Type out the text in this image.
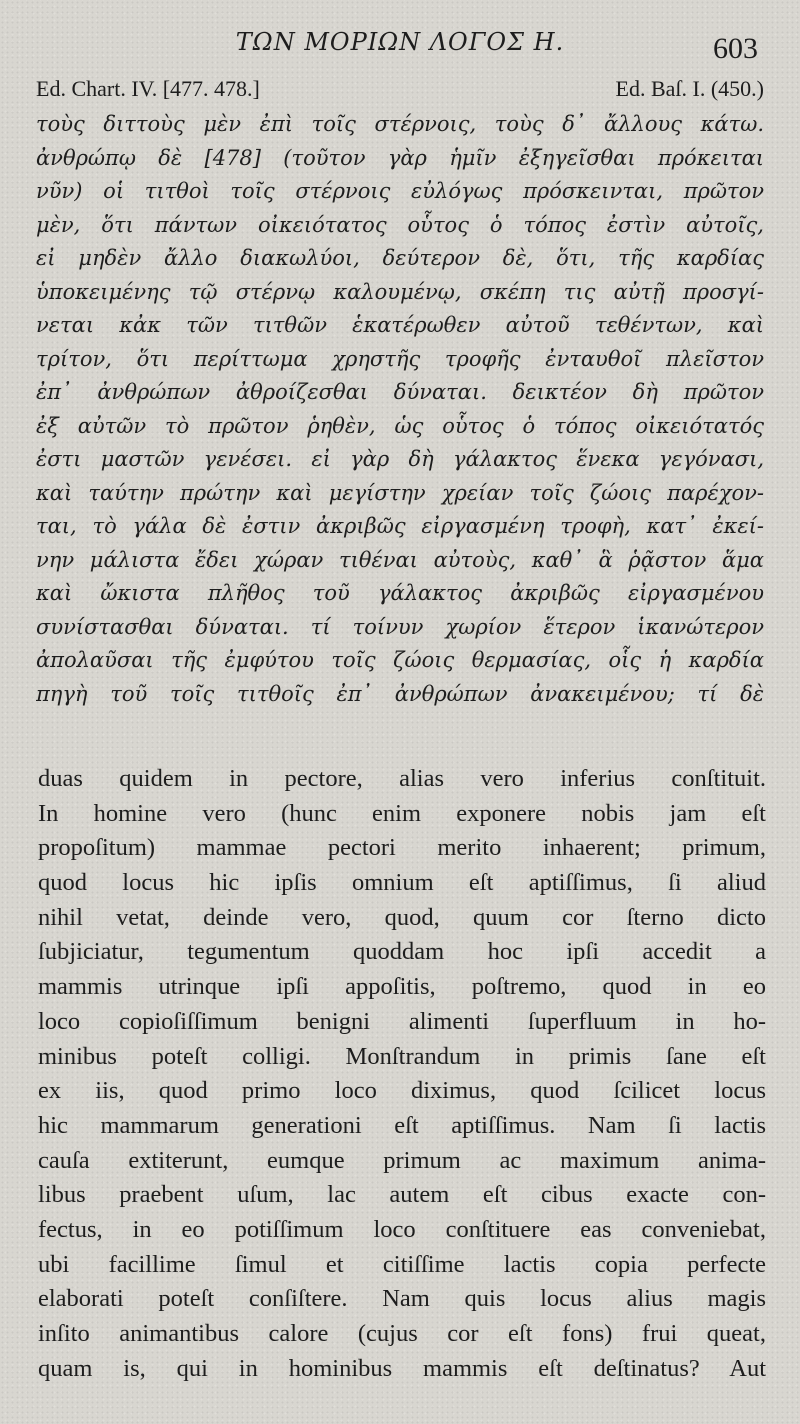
ΤΩΝ ΜΟΡΙΩΝ ΛΟΓΟΣ Η.	603
Ed. Chart. IV. [477. 478.]	Ed. Baſ. I. (450.)
τοὺς διττοὺς μὲν ἐπὶ τοῖς στέρνοις, τοὺς δ᾽ ἄλλους κάτω.
ἀνθρώπῳ δὲ [478] (τοῦτον γὰρ ἡμῖν ἐξηγεῖσθαι πρόκειται
νῦν) οἱ τιτθοὶ τοῖς στέρνοις εὐλόγως πρόσκεινται, πρῶτον
μὲν, ὅτι πάντων οἰκειότατος οὗτος ὁ τόπος ἐστὶν αὐτοῖς,
εἰ μηδὲν ἄλλο διακωλύοι, δεύτερον δὲ, ὅτι, τῆς καρδίας
ὑποκειμένης τῷ στέρνῳ καλουμένῳ, σκέπη τις αὐτῇ προσγί-
νεται κἀκ τῶν τιτθῶν ἑκατέρωθεν αὐτοῦ τεθέντων, καὶ
τρίτον, ὅτι περίττωμα χρηστῆς τροφῆς ἐνταυθοῖ πλεῖστον
ἐπ᾽ ἀνθρώπων ἀθροίζεσθαι δύναται. δεικτέον δὴ πρῶτον
ἐξ αὐτῶν τὸ πρῶτον ῥηθὲν, ὡς οὗτος ὁ τόπος οἰκειότατός
ἐστι μαστῶν γενέσει. εἰ γὰρ δὴ γάλακτος ἕνεκα γεγόνασι,
καὶ ταύτην πρώτην καὶ μεγίστην χρείαν τοῖς ζώοις παρέχον-
ται, τὸ γάλα δὲ ἐστιν ἀκριβῶς εἰργασμένη τροφὴ, κατ᾽ ἐκεί-
νην μάλιστα ἔδει χώραν τιθέναι αὐτοὺς, καθ᾽ ἃ ῥᾷστον ἅμα
καὶ ὤκιστα πλῆθος τοῦ γάλακτος ἀκριβῶς εἰργασμένου
συνίστασθαι δύναται. τί τοίνυν χωρίον ἕτερον ἱκανώτερον
ἀπολαῦσαι τῆς ἐμφύτου τοῖς ζώοις θερμασίας, οἷς ἡ καρδία
πηγὴ τοῦ τοῖς τιτθοῖς ἐπ᾽ ἀνθρώπων ἀνακειμένου; τί δὲ
duas quidem in pectore, alias vero inferius conſtituit.
In homine vero (hunc enim exponere nobis jam eſt
propoſitum) mammae pectori merito inhaerent; primum,
quod locus hic ipſis omnium eſt aptiſſimus, ſi aliud
nihil vetat, deinde vero, quod, quum cor ſterno dicto
ſubjiciatur, tegumentum quoddam hoc ipſi accedit a
mammis utrinque ipſi appoſitis, poſtremo, quod in eo
loco copioſiſſimum benigni alimenti ſuperfluum in ho-
minibus poteſt colligi. Monſtrandum in primis ſane eſt
ex iis, quod primo loco diximus, quod ſcilicet locus
hic mammarum generationi eſt aptiſſimus. Nam ſi lactis
cauſa extiterunt, eumque primum ac maximum anima-
libus praebent uſum, lac autem eſt cibus exacte con-
fectus, in eo potiſſimum loco conſtituere eas conveniebat,
ubi facillime ſimul et citiſſime lactis copia perfecte
elaborati poteſt conſiſtere. Nam quis locus alius magis
inſito animantibus calore (cujus cor eſt fons) frui queat,
quam is, qui in hominibus mammis eſt deſtinatus? Aut
